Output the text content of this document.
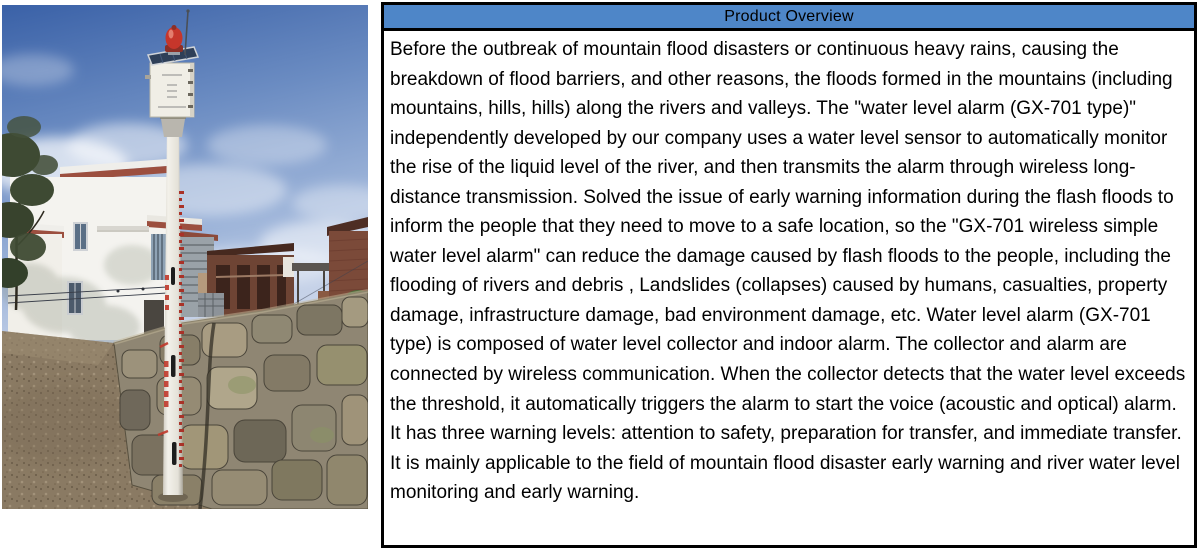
Product Overview

Before the outbreak of mountain flood disasters or continuous heavy rains, causing the breakdown of flood barriers, and other reasons, the floods formed in the mountains (including mountains, hills, hills) along the rivers and valleys. The "water level alarm (GX-701 type)" independently developed by our company uses a water level sensor to automatically monitor the rise of the liquid level of the river, and then transmits the alarm through wireless long-distance transmission. Solved the issue of early warning information during the flash floods to inform the people that they need to move to a safe location, so the "GX-701 wireless simple water level alarm" can reduce the damage caused by flash floods to the people, including the flooding of rivers and debris , Landslides (collapses) caused by humans, casualties, property damage, infrastructure damage, bad environment damage, etc. Water level alarm (GX-701 type) is composed of water level collector and indoor alarm. The collector and alarm are connected by wireless communication. When the collector detects that the water level exceeds the threshold, it automatically triggers the alarm to start the voice (acoustic and optical) alarm. It has three warning levels: attention to safety, preparation for transfer, and immediate transfer. It is mainly applicable to the field of mountain flood disaster early warning and river water level monitoring and early warning.
